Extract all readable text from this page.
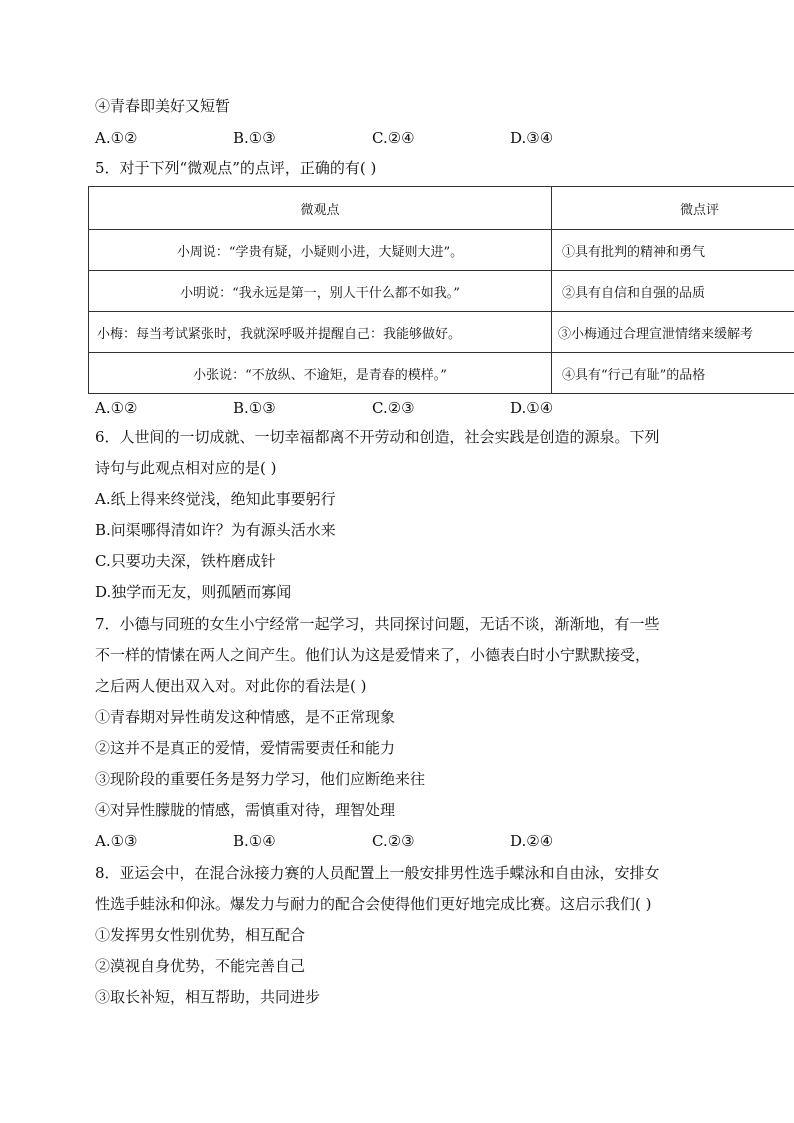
④青春即美好又短暂
A.①②	B.①③	C.②④	D.③④
5．对于下列“微观点”的点评，正确的有( )
微观点	微点评
小周说：“学贵有疑，小疑则小进，大疑则大进”。	①具有批判的精神和勇气
小明说：“我永远是第一，别人干什么都不如我。”	②具有自信和自强的品质
小梅：每当考试紧张时，我就深呼吸并提醒自己：我能够做好。	③小梅通过合理宣泄情绪来缓解考
小张说：“不放纵、不逾矩，是青春的模样。”	④具有“行己有耻”的品格
A.①②	B.①③	C.②③	D.①④
6．人世间的一切成就、一切幸福都离不开劳动和创造，社会实践是创造的源泉。下列
诗句与此观点相对应的是( )
A.纸上得来终觉浅，绝知此事要躬行
B.问渠哪得清如许？为有源头活水来
C.只要功夫深，铁杵磨成针
D.独学而无友，则孤陋而寡闻
7．小德与同班的女生小宁经常一起学习，共同探讨问题，无话不谈，渐渐地，有一些
不一样的情愫在两人之间产生。他们认为这是爱情来了，小德表白时小宁默默接受，
之后两人便出双入对。对此你的看法是( )
①青春期对异性萌发这种情感，是不正常现象
②这并不是真正的爱情，爱情需要责任和能力
③现阶段的重要任务是努力学习，他们应断绝来往
④对异性朦胧的情感，需慎重对待，理智处理
A.①③	B.①④	C.②③	D.②④
8．亚运会中，在混合泳接力赛的人员配置上一般安排男性选手蝶泳和自由泳，安排女
性选手蛙泳和仰泳。爆发力与耐力的配合会使得他们更好地完成比赛。这启示我们( )
①发挥男女性别优势，相互配合
②漠视自身优势，不能完善自己
③取长补短，相互帮助，共同进步
